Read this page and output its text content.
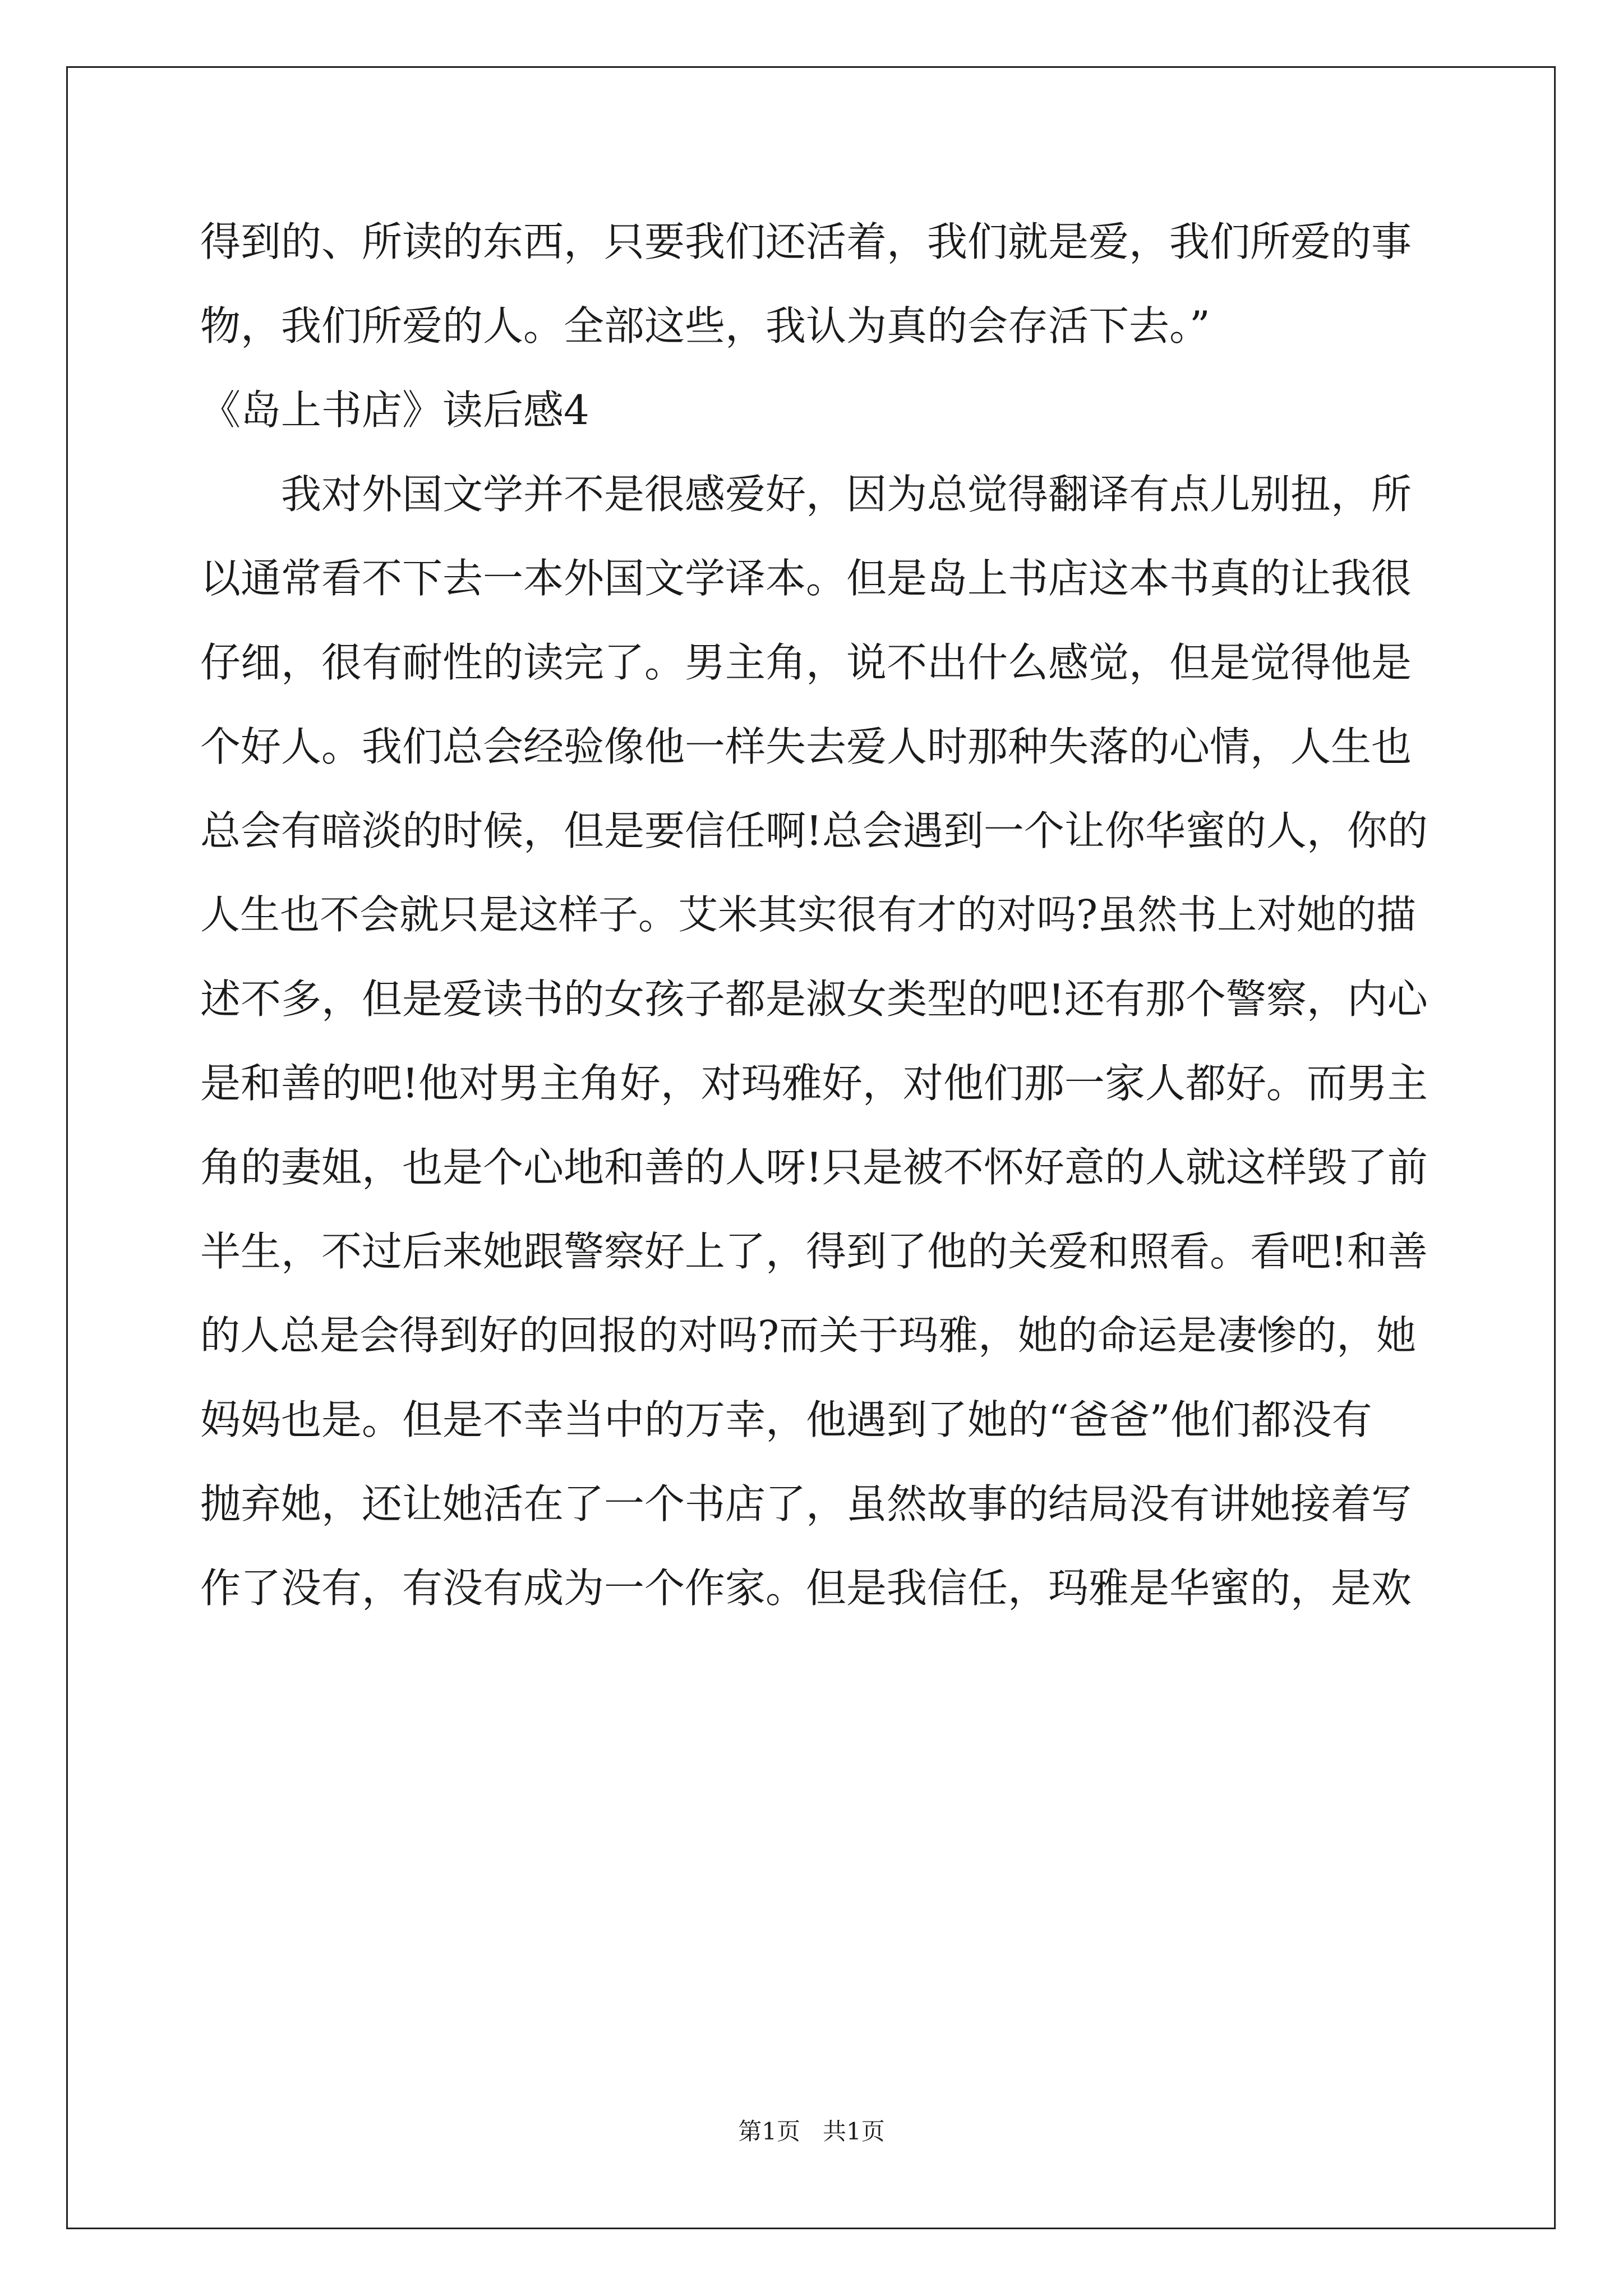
得到的、所读的东西，只要我们还活着，我们就是爱，我们所爱的事
物，我们所爱的人。全部这些，我认为真的会存活下去。”
《岛上书店》读后感4
我对外国文学并不是很感爱好，因为总觉得翻译有点儿别扭，所
以通常看不下去一本外国文学译本。但是岛上书店这本书真的让我很
仔细，很有耐性的读完了。男主角，说不出什么感觉，但是觉得他是
个好人。我们总会经验像他一样失去爱人时那种失落的心情，人生也
总会有暗淡的时候，但是要信任啊!总会遇到一个让你华蜜的人，你的
人生也不会就只是这样子。艾米其实很有才的对吗?虽然书上对她的描
述不多，但是爱读书的女孩子都是淑女类型的吧!还有那个警察，内心
是和善的吧!他对男主角好，对玛雅好，对他们那一家人都好。而男主
角的妻姐，也是个心地和善的人呀!只是被不怀好意的人就这样毁了前
半生，不过后来她跟警察好上了，得到了他的关爱和照看。看吧!和善
的人总是会得到好的回报的对吗?而关于玛雅，她的命运是凄惨的，她
妈妈也是。但是不幸当中的万幸，他遇到了她的“爸爸”他们都没有
抛弃她，还让她活在了一个书店了，虽然故事的结局没有讲她接着写
作了没有，有没有成为一个作家。但是我信任，玛雅是华蜜的，是欢
第1页   共1页
